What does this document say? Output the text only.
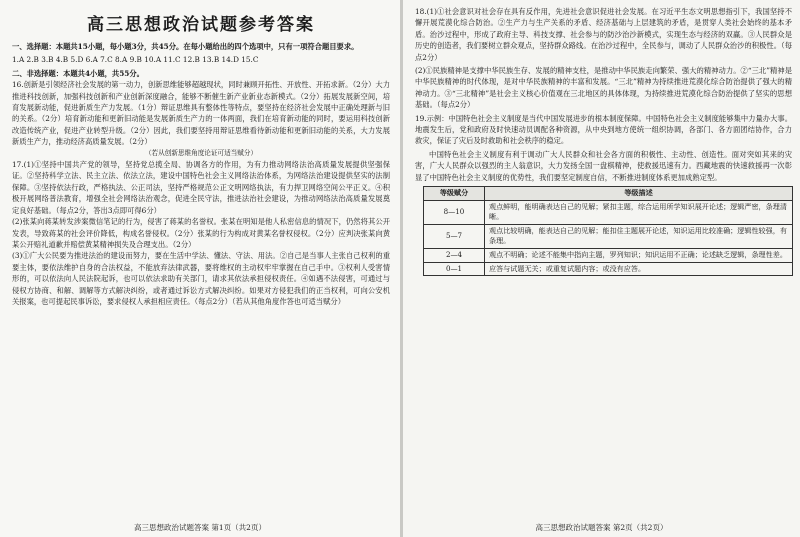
高三思想政治试题参考答案

一、选择题：本题共15小题，每小题3分，共45分。在每小题给出的四个选项中，只有一项符合题目要求。

1.A 2.B 3.B 4.B 5.D 6.A 7.C 8.A 9.B 10.A 11.C 12.B 13.B 14.D 15.C

二、非选择题：本题共4小题，共55分。

16.创新是引领经济社会发展的第一动力，创新思维能够超越现状，同时兼顾开拓性、开放性、开拓求新。（2分）大力推进科技创新，加强科技创新和产业创新深度融合，能够不断催生新产业新业态新模式。（2分）拓展发展新空间，培育发展新动能，促进新质生产力发展。（1分）辩证思维具有整体性等特点，要坚持在经济社会发展中正确处理新与旧的关系。（2分）培育新动能和更新旧动能是发展新质生产力的一体两面，我们在培育新动能的同时，要运用科技创新改造传统产业，促进产业转型升级。（2分）因此，我们要坚持用辩证思维看待新动能和更新旧动能的关系，大力发展新质生产力，推动经济高质量发展。（2分）

（若从创新思维角度论证可适当赋分）

17.(1)①坚持中国共产党的领导，坚持党总揽全局、协调各方的作用，为有力推动网络法治高质量发展提供坚强保证。②坚持科学立法、民主立法、依法立法，建设中国特色社会主义网络法治体系，为网络法治建设提供坚实的法制保障。③坚持依法行政，严格执法、公正司法，坚持严格规范公正文明网络执法，有力捍卫网络空间公平正义。④积极开展网络普法教育，增强全社会网络法治观念，促进全民守法，推进法治社会建设，为推动网络法治高质量发展奠定良好基础。（每点2分，答出3点即可得6分）

(2)张某向蒋某转发涉案微信笔记的行为，侵害了蒋某的名誉权。张某在明知是他人私密信息的情况下，仍然将其公开发表，导致蒋某的社会评价降低，构成名誉侵权。（2分）张某的行为构成对黄某名誉权侵权。（2分）应判决张某向黄某公开赔礼道歉并赔偿黄某精神损失及合理支出。（2分）

(3)①广大公民要为推进法治的建设而努力，要在生活中学法、懂法、守法、用法。②自己是当事人主张自己权利的重要主体，要依法维护自身的合法权益，不能放弃法律武器，要将维权的主动权牢牢掌握在自己手中。③权利人受害情形的，可以依法向人民法院起诉，也可以依法求助有关部门，请求其依法承担侵权责任。④如遇不法侵害，可通过与侵权方协商、和解、调解等方式解决纠纷，或者通过诉讼方式解决纠纷。如果对方侵犯我们的正当权利，可向公安机关报案，也可提起民事诉讼，要求侵权人承担相应责任。（每点2分）（若从其他角度作答也可适当赋分）

高三思想政治试题答案 第1页（共2页）

18.(1)①社会意识对社会存在具有反作用，先进社会意识促进社会发展。在习近平生态文明思想指引下，我国坚持不懈开展荒漠化综合防治。②生产力与生产关系的矛盾、经济基础与上层建筑的矛盾，是贯穿人类社会始终的基本矛盾。治沙过程中，形成了政府主导、科技支撑、社会参与的防沙治沙新模式，实现生态与经济的双赢。③人民群众是历史的创造者，我们要树立群众观点，坚持群众路线。在治沙过程中，全民参与，调动了人民群众治沙的积极性。（每点2分）

(2)①民族精神是支撑中华民族生存、发展的精神支柱，是推动中华民族走向繁荣、强大的精神动力。②“三北”精神是中华民族精神的时代体现，是对中华民族精神的丰富和发展。“三北”精神为持续推进荒漠化综合防治提供了强大的精神动力。③“三北精神”是社会主义核心价值观在三北地区的具体体现，为持续推进荒漠化综合防治提供了坚实的思想基础。（每点2分）

19.示例：中国特色社会主义制度是当代中国发展进步的根本制度保障。中国特色社会主义制度能够集中力量办大事。地震发生后，党和政府及时快速动员调配各种资源，从中央到地方使统一组织协调，各部门、各方面团结协作，合力救灾，保证了灾后及时救助和社会秩序的稳定。

中国特色社会主义制度有利于调动广大人民群众和社会各方面的积极性、主动性、创造性。面对突如其来的灾害，广大人民群众以强烈的主人翁意识，大力发扬全国一盘棋精神，使救援迅速有力。西藏地震的快速救援再一次彰显了中国特色社会主义制度的优势性，我们要坚定制度自信，不断推进制度体系更加成熟定型。

等级赋分	等级描述
8—10	观点鲜明，能明确表达自己的见解；紧扣主题，综合运用所学知识展开论述；逻辑严密，条理清晰。
5—7	观点比较明确，能表达自己的见解；能扣住主题展开论述，知识运用比较准确；逻辑性较强，有条理。
2—4	观点不明确；论述不能集中指向主题，罗列知识；知识运用不正确；论述缺乏逻辑，条理性差。
0—1	应答与试题无关；或重复试题内容；或没有应答。
高三思想政治试题答案 第2页（共2页）
